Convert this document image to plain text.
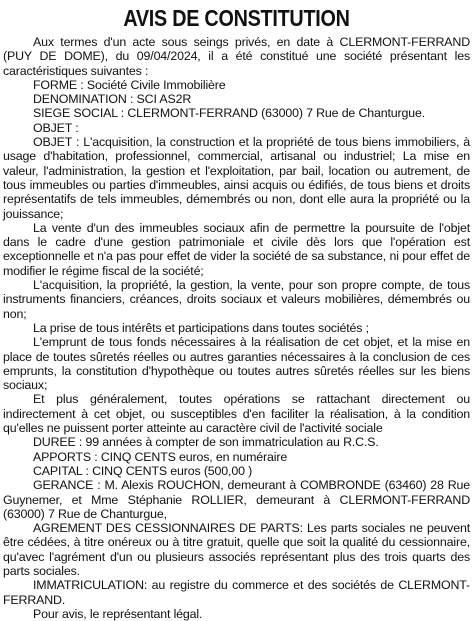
AVIS DE CONSTITUTION

Aux termes d'un acte sous seings privés, en date à CLERMONT-FERRAND (PUY DE DOME), du 09/04/2024, il a été constitué une société présentant les caractéristiques suivantes :

FORME : Société Civile Immobilière

DENOMINATION : SCI AS2R

SIEGE SOCIAL : CLERMONT-FERRAND (63000) 7 Rue de Chanturgue.

OBJET :

OBJET : L'acquisition, la construction et la propriété de tous biens immobiliers, à usage d'habitation, professionnel, commercial, artisanal ou industriel; La mise en valeur, l'administration, la gestion et l'exploitation, par bail, location ou autrement, de tous immeubles ou parties d'immeubles, ainsi acquis ou édifiés, de tous biens et droits représentatifs de tels immeubles, démembrés ou non, dont elle aura la propriété ou la jouissance;

La vente d'un des immeubles sociaux afin de permettre la poursuite de l'objet dans le cadre d'une gestion patrimoniale et civile dès lors que l'opération est exceptionnelle et n'a pas pour effet de vider la société de sa substance, ni pour effet de modifier le régime fiscal de la société;

L'acquisition, la propriété, la gestion, la vente, pour son propre compte, de tous instruments financiers, créances, droits sociaux et valeurs mobilières, démembrés ou non;

La prise de tous intérêts et participations dans toutes sociétés ;

L'emprunt de tous fonds nécessaires à la réalisation de cet objet, et la mise en place de toutes sûretés réelles ou autres garanties nécessaires à la conclusion de ces emprunts, la constitution d'hypothèque ou toutes autres sûretés réelles sur les biens sociaux;

Et plus généralement, toutes opérations se rattachant directement ou indirectement à cet objet, ou susceptibles d'en faciliter la réalisation, à la condition qu'elles ne puissent porter atteinte au caractère civil de l'activité sociale

DUREE : 99 années à compter de son immatriculation au R.C.S.

APPORTS : CINQ CENTS euros, en numéraire

CAPITAL : CINQ CENTS euros (500,00 )

GERANCE : M. Alexis ROUCHON, demeurant à COMBRONDE (63460) 28 Rue Guynemer, et Mme Stéphanie ROLLIER, demeurant à CLERMONT-FERRAND (63000) 7 Rue de Chanturgue,

AGREMENT DES CESSIONNAIRES DE PARTS: Les parts sociales ne peuvent être cédées, à titre onéreux ou à titre gratuit, quelle que soit la qualité du cessionnaire, qu'avec l'agrément d'un ou plusieurs associés représentant plus des trois quarts des parts sociales.

IMMATRICULATION: au registre du commerce et des sociétés de CLERMONT-FERRAND.

Pour avis, le représentant légal.
